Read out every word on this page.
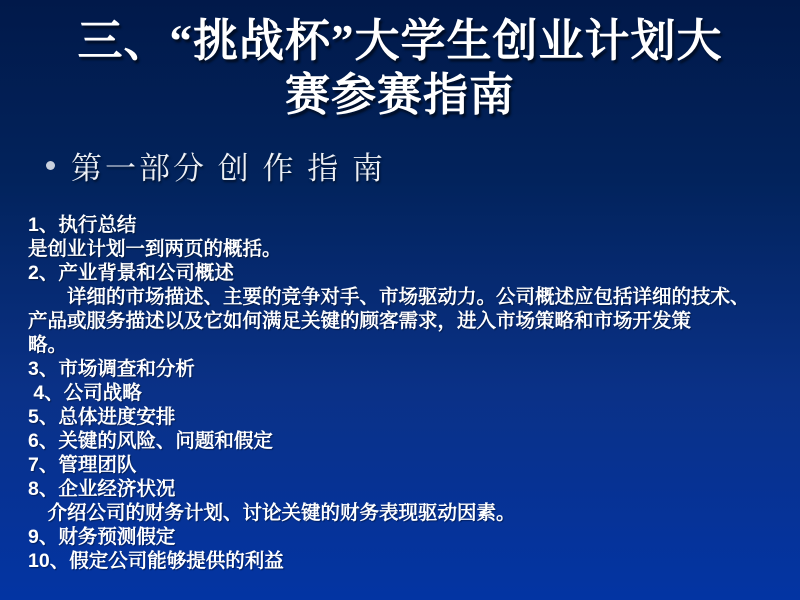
三、“挑战杯”大学生创业计划大
赛参赛指南
第一部分 创 作 指 南
1、执行总结
是创业计划一到两页的概括。
2、产业背景和公司概述
　　详细的市场描述、主要的竞争对手、市场驱动力。公司概述应包括详细的技术、
产品或服务描述以及它如何满足关键的顾客需求，进入市场策略和市场开发策
略。
3、市场调查和分析
4、公司战略
5、总体进度安排
6、关键的风险、问题和假定
7、管理团队
8、企业经济状况
　介绍公司的财务计划、讨论关键的财务表现驱动因素。
9、财务预测假定
10、假定公司能够提供的利益
